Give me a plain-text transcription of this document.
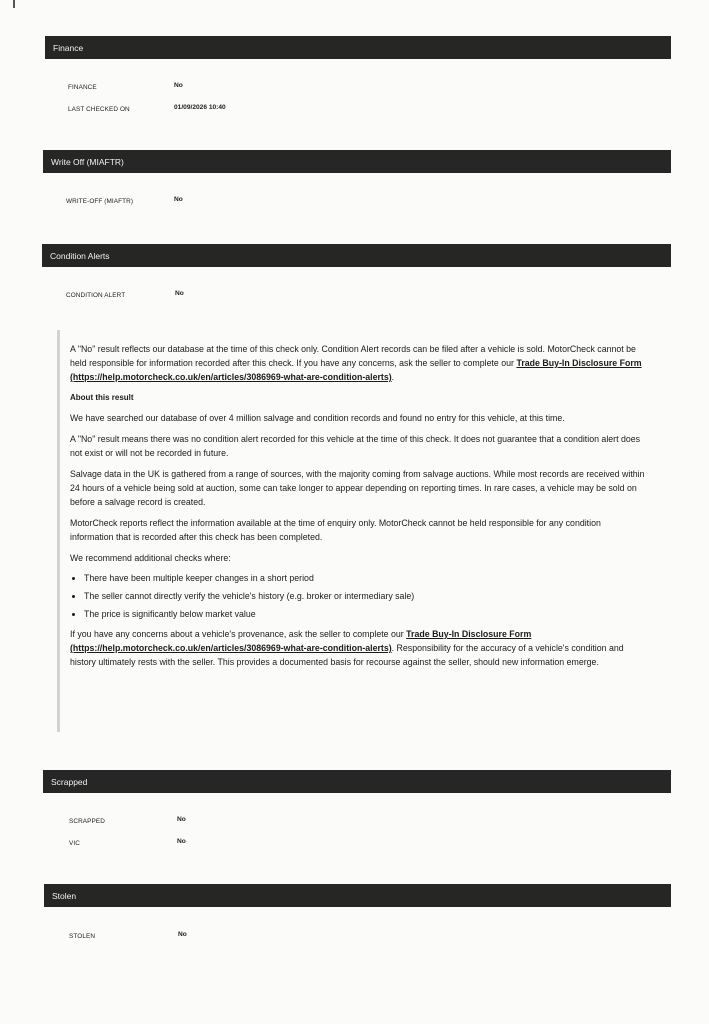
Finance
FINANCE	No
LAST CHECKED ON	01/09/2026 10:40
Write Off (MIAFTR)
WRITE-OFF (MIAFTR)	No
Condition Alerts
CONDITION ALERT	No

A "No" result reflects our database at the time of this check only. Condition Alert records can be filed after a vehicle is sold. MotorCheck cannot be held responsible for information recorded after this check. If you have any concerns, ask the seller to complete our Trade Buy-In Disclosure Form (https://help.motorcheck.co.uk/en/articles/3086969-what-are-condition-alerts).

About this result

We have searched our database of over 4 million salvage and condition records and found no entry for this vehicle, at this time.

A "No" result means there was no condition alert recorded for this vehicle at the time of this check. It does not guarantee that a condition alert does not exist or will not be recorded in future.

Salvage data in the UK is gathered from a range of sources, with the majority coming from salvage auctions. While most records are received within 24 hours of a vehicle being sold at auction, some can take longer to appear depending on reporting times. In rare cases, a vehicle may be sold on before a salvage record is created.

MotorCheck reports reflect the information available at the time of enquiry only. MotorCheck cannot be held responsible for any condition information that is recorded after this check has been completed.

We recommend additional checks where:

• There have been multiple keeper changes in a short period
• The seller cannot directly verify the vehicle's history (e.g. broker or intermediary sale)
• The price is significantly below market value

If you have any concerns about a vehicle's provenance, ask the seller to complete our Trade Buy-In Disclosure Form (https://help.motorcheck.co.uk/en/articles/3086969-what-are-condition-alerts). Responsibility for the accuracy of a vehicle's condition and history ultimately rests with the seller. This provides a documented basis for recourse against the seller, should new information emerge.

Scrapped
SCRAPPED	No
VIC	No
Stolen
STOLEN	No
